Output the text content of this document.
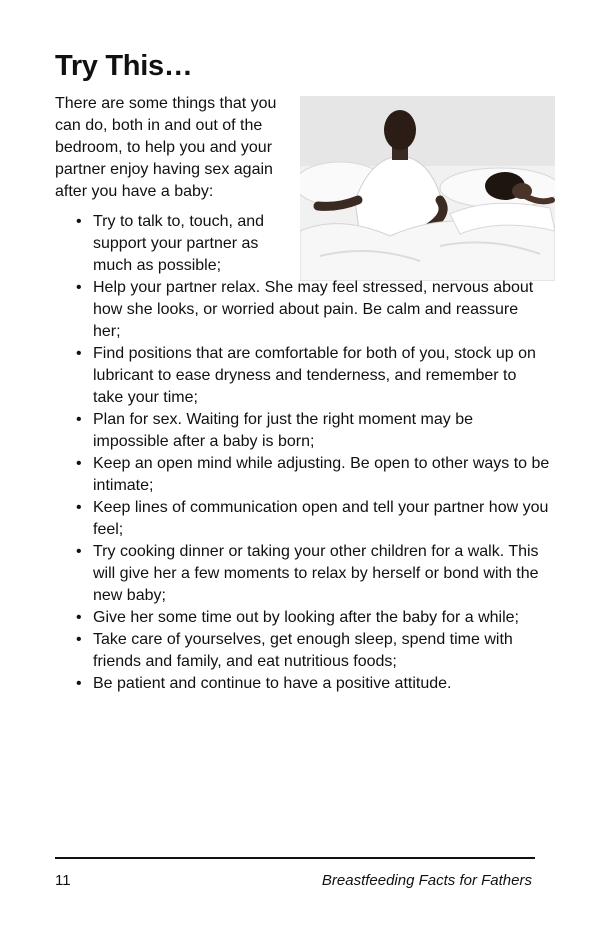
Try This…

There are some things that you can do, both in and out of the bedroom, to help you and your partner enjoy having sex again after you have a baby:

• Try to talk to, touch, and support your partner as much as possible;
• Help your partner relax. She may feel stressed, nervous about how she looks, or worried about pain. Be calm and reassure her;
• Find positions that are comfortable for both of you, stock up on lubricant to ease dryness and tenderness, and remember to take your time;
• Plan for sex. Waiting for just the right moment may be impossible after a baby is born;
• Keep an open mind while adjusting. Be open to other ways to be intimate;
• Keep lines of communication open and tell your partner how you feel;
• Try cooking dinner or taking your other children for a walk. This will give her a few moments to relax by herself or bond with the new baby;
• Give her some time out by looking after the baby for a while;
• Take care of yourselves, get enough sleep, spend time with friends and family, and eat nutritious foods;
• Be patient and continue to have a positive attitude.
11	Breastfeeding Facts for Fathers
